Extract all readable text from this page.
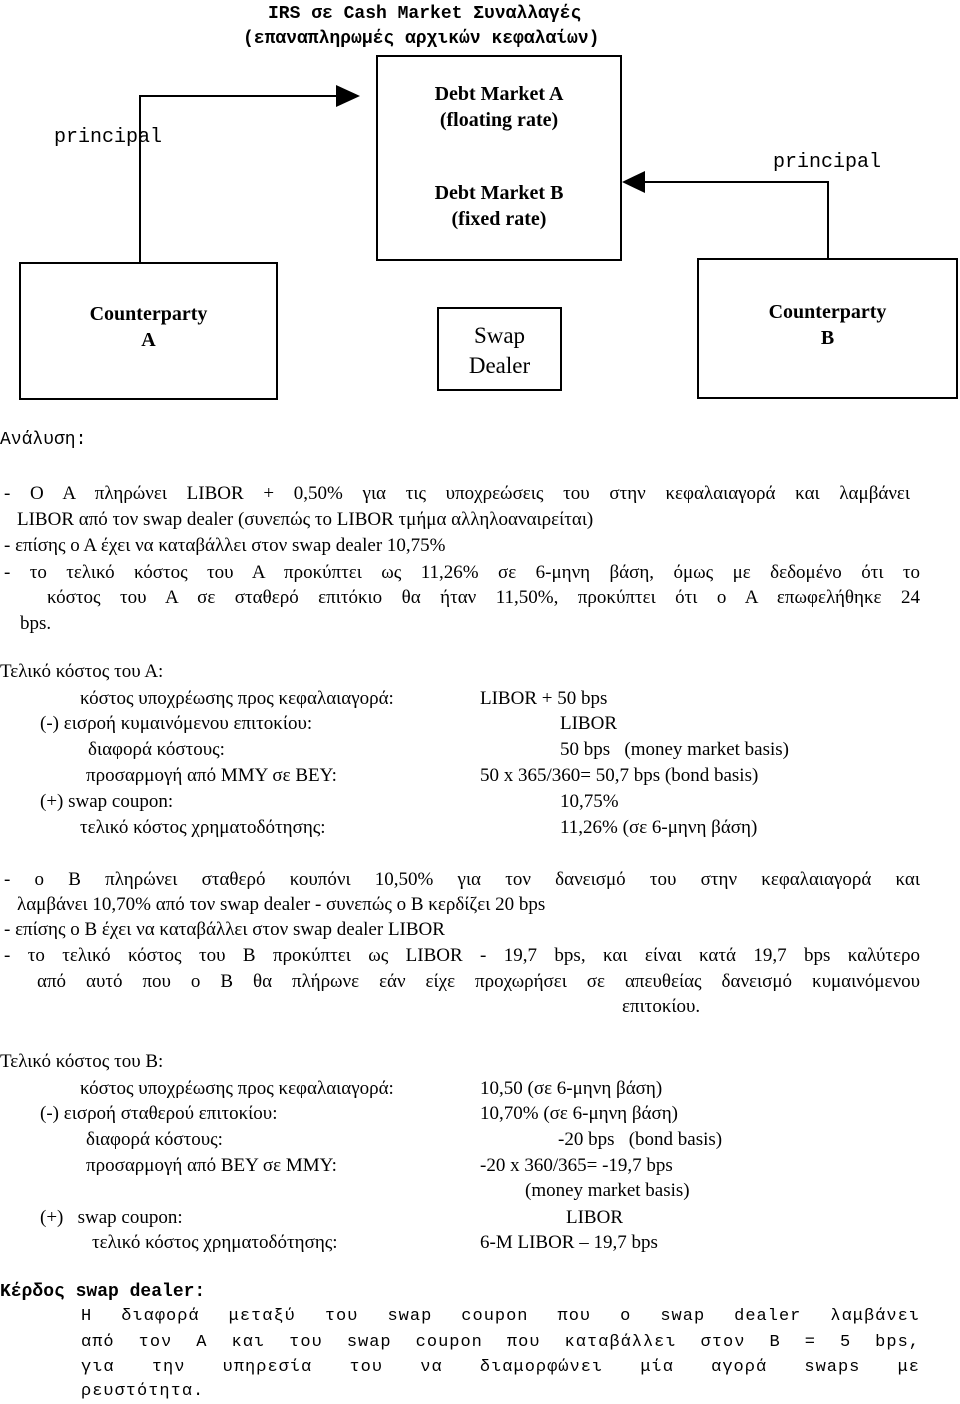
IRS σε Cash Market Συναλλαγές
(επαναπληρωμές αρχικών κεφαλαίων)
principal
principal
Debt Market A
(floating rate)
Debt Market B
(fixed rate)
Counterparty
A	Swap
Dealer
Counterparty
B
Ανάλυση:
- Ο Α πληρώνει LIBOR + 0,50% για τις υποχρεώσεις του στην κεφαλαιαγορά και λαμβάνει
LIBOR από τον swap dealer (συνεπώς το LIBOR τμήμα αλληλοαναιρείται)
- επίσης ο Α έχει να καταβάλλει στον swap dealer 10,75%
- το τελικό κόστος του Α προκύπτει ως 11,26% σε 6-μηνη βάση, όμως με δεδομένο ότι το
κόστος του Α σε σταθερό επιτόκιο θα ήταν 11,50%, προκύπτει ότι ο Α επωφελήθηκε 24
bps.
Τελικό κόστος του Α:
κόστος υποχρέωσης προς κεφαλαιαγορά:	LIBOR + 50 bps
(-) εισροή κυμαινόμενου επιτοκίου:	LIBOR
διαφορά κόστους:	50 bps   (money market basis)
προσαρμογή από ΜΜΥ σε ΒΕΥ:	50 x 365/360= 50,7 bps (bond basis)
(+) swap coupon:	10,75%
τελικό κόστος χρηματοδότησης:	11,26% (σε 6-μηνη βάση)
- ο Β πληρώνει σταθερό κουπόνι 10,50% για τον δανεισμό του στην κεφαλαιαγορά και
λαμβάνει 10,70% από τον swap dealer - συνεπώς ο Β κερδίζει 20 bps
- επίσης ο Β έχει να καταβάλλει στον swap dealer LIBOR
- το τελικό κόστος του Β προκύπτει ως LIBOR - 19,7 bps, και είναι κατά 19,7 bps καλύτερο
από αυτό που ο Β θα πλήρωνε εάν είχε προχωρήσει σε απευθείας δανεισμό κυμαινόμενου
επιτοκίου.
Τελικό κόστος του Β:
κόστος υποχρέωσης προς κεφαλαιαγορά:	10,50 (σε 6-μηνη βάση)
(-) εισροή σταθερού επιτοκίου:	10,70% (σε 6-μηνη βάση)
διαφορά κόστους:	-20 bps   (bond basis)
προσαρμογή από ΒΕΥ σε ΜΜΥ:	-20 x 360/365= -19,7 bps
(money market basis)
(+)   swap coupon:	LIBOR
τελικό κόστος χρηματοδότησης:	6-M LIBOR – 19,7 bps
Κέρδος swap dealer:
Η διαφορά μεταξύ του swap coupon που ο swap dealer λαμβάνει
από τον Α και του swap coupon που καταβάλλει στον Β = 5 bps,
για την υπηρεσία του να διαμορφώνει μία αγορά swaps με
ρευστότητα.
